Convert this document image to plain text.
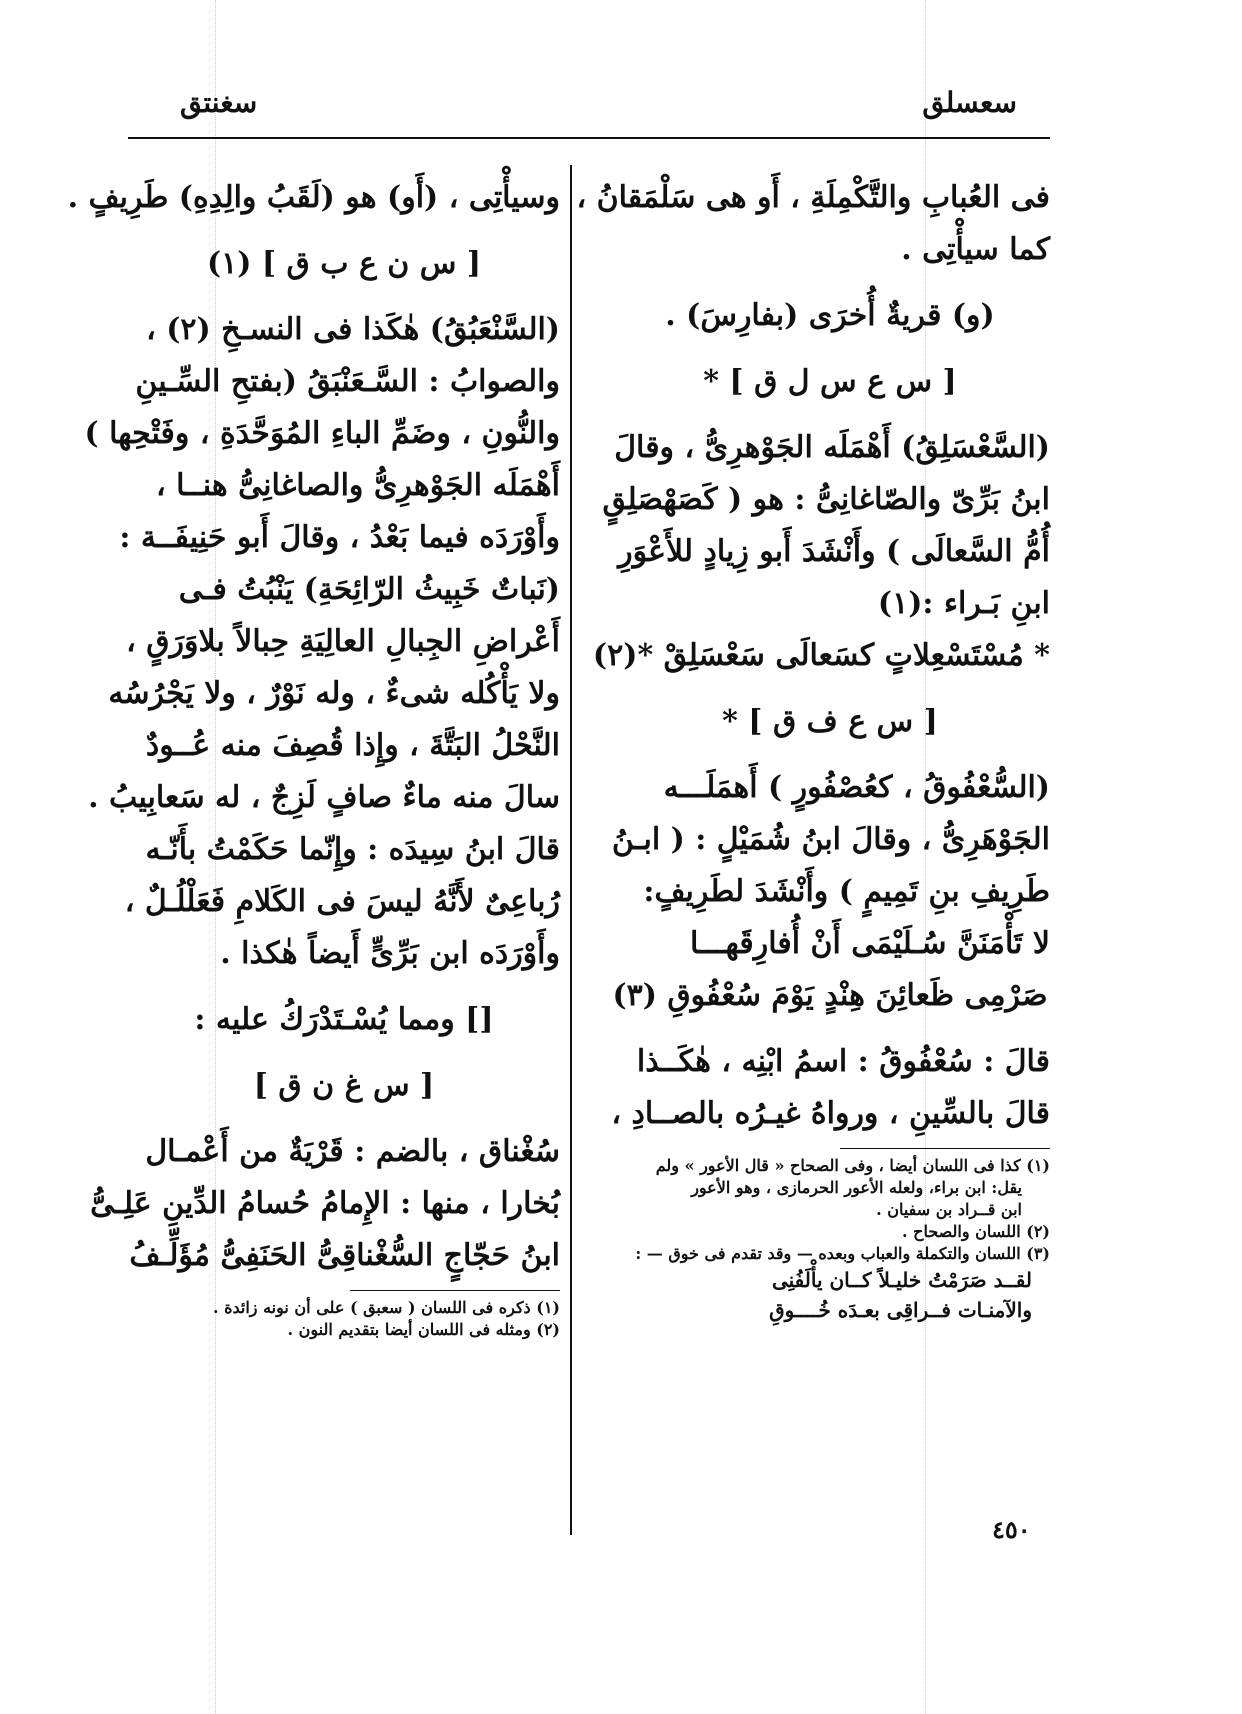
سعسلق
سغنتق
فى العُبابِ والتَّكْمِلَةِ ، أَو هى سَلْمَقانُ ،
كما سيأْتِى .
(و) قريةٌ أُخرَى (بفارِسَ) .
[ س ع س ل ق ] *
(السَّعْسَلِقُ) أَهْمَلَه الجَوْهرِىُّ ، وقالَ
ابنُ بَرِّىّ والصّاغانِىُّ : هو ( كَصَهْصَلِقٍ
أُمُّ السَّعالَى ) وأَنْشَدَ أَبو زِيادٍ للأَعْوَرِ
ابنِ بَـراء :(١)
* مُسْتَسْعِلاتٍ كسَعالَى سَعْسَلِقْ *(٢)
[ س ع ف ق ] *
(السُّعْفُوقُ ، كعُصْفُورٍ ) أَهمَلَـــه
الجَوْهَرِىُّ ، وقالَ ابنُ شُمَيْلٍ : ( ابـنُ
طَرِيفِ بنِ تَمِيمٍ ) وأَنْشَدَ لطَرِيفٍ:
لا تَأْمَنَنَّ سُـلَيْمَى أَنْ أُفارِقَهـــا
صَرْمِى ظَعائِنَ هِنْدٍ يَوْمَ سُعْفُوقِ (٣)
قالَ : سُعْفُوقُ : اسمُ ابْنِه ، هٰكَــذا
قالَ بالسِّينِ ، ورواهُ غيـرُه بالصــادِ ،
(١) كذا فى اللسان أيضا ، وفى الصحاح « قال الأعور » ولم
يقل: ابن براء، ولعله الأعور الحرمازى ، وهو الأعور
ابن قــراد بن سفيان .
(٢) اللسان والصحاح .
(٣) اللسان والتكملة والعباب وبعده — وقد تقدم فى خوق — :
لقــد صَرَمْتُ خليـلاً كــان يأْلَفُنِى
والآمنـات فــراقِى بعـدَه خُــــوقِ
وسيأْتِى ، (أَو) هو (لَقَبُ والِدِهِ) طَرِيفٍ .
[ س ن ع ب ق ] (١)
(السَّنْعَبُقُ) هٰكَذا فى النسـخِ (٢) ،
والصوابُ : السَّـعَنْبَقُ (بفتحِ السِّـينِ
والنُّونِ ، وضَمِّ الباءِ المُوَحَّدَةِ ، وفَتْحِها )
أَهْمَلَه الجَوْهرِىُّ والصاغانِىُّ هنــا ،
وأَوْرَدَه فيما بَعْدُ ، وقالَ أَبو حَنِيفَــة :
(نَباتٌ خَبِيثُ الرّائِحَةِ) يَنْبُتُ فـى
أَعْراضِ الجِبالِ العالِيَةِ حِبالاً بلاوَرَقٍ ،
ولا يَأْكُله شىءٌ ، وله نَوْرٌ ، ولا يَجْرُسُه
النَّحْلُ البَتَّةَ ، وإِذا قُصِفَ منه عُــودٌ
سالَ منه ماءٌ صافٍ لَزِجٌ ، له سَعابِيبُ .
قالَ ابنُ سِيدَه : وإِنّما حَكَمْتُ بأَنّـه
رُباعِىٌ لأَنَّهُ ليسَ فى الكَلامِ فَعَلْلُـلٌ ،
وأَوْرَدَه ابن بَرِّىٍّ أَيضاً هٰكذا .
[] ومما يُسْـتَدْرَكُ عليه :
[ س غ ن ق ]
سُغْناق ، بالضم : قَرْيَةٌ من أَعْمـال
بُخارا ، منها : الإِمامُ حُسامُ الدِّينِ عَلِـىُّ
ابنُ حَجّاجٍ السُّغْناقِىُّ الحَنَفِىُّ مُؤَلِّـفُ
(١) ذكره فى اللسان ( سعبق ) على أن نونه زائدة .
(٢) ومثله فى اللسان أيضا بتقديم النون .
٤٥٠
